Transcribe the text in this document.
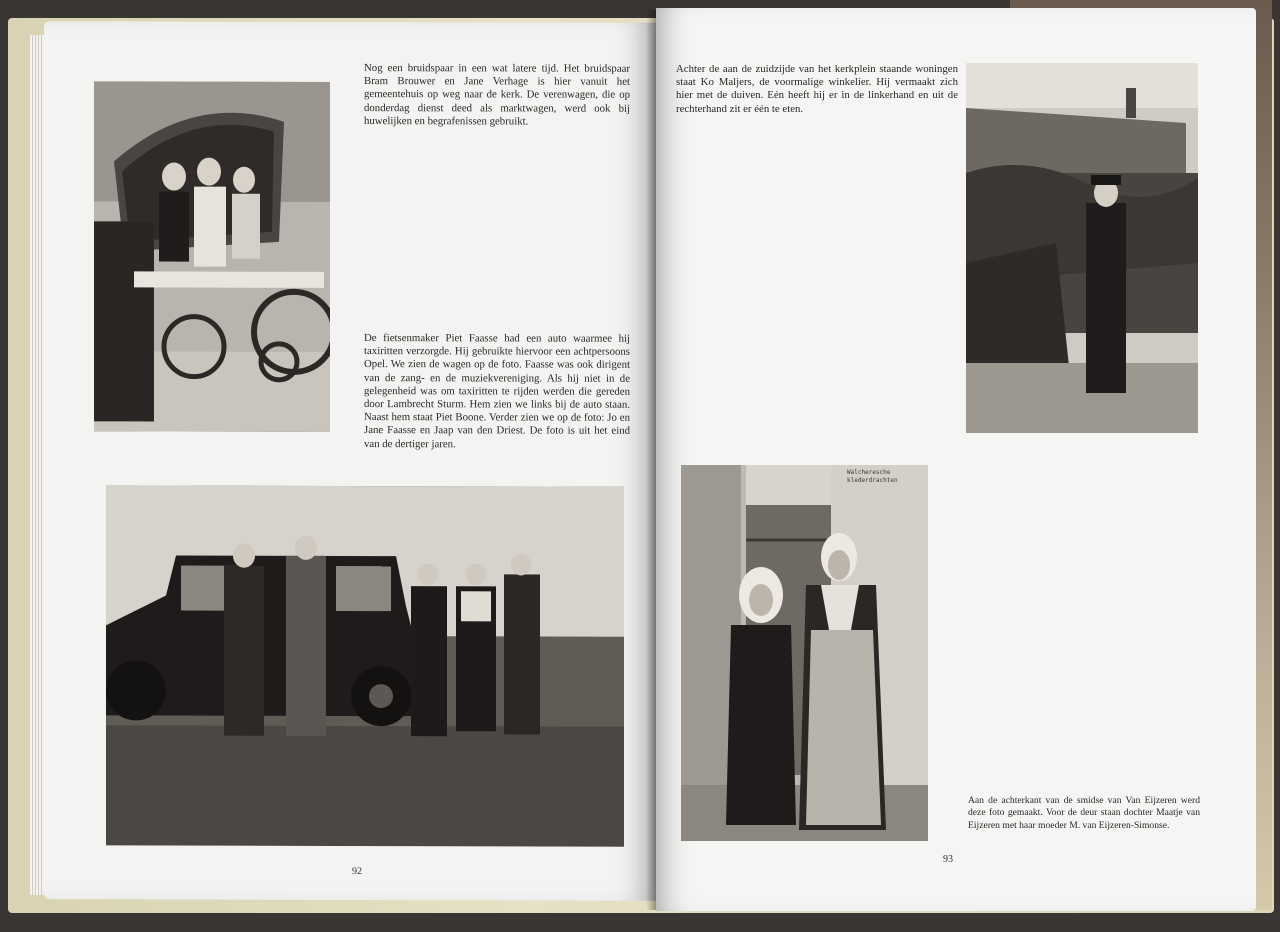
Nog een bruidspaar in een wat latere tijd. Het bruidspaar Bram Brouwer en Jane Verhage is hier vanuit het gemeentehuis op weg naar de kerk. De verenwagen, die op donderdag dienst deed als marktwagen, werd ook bij huwelijken en begrafenissen gebruikt.
De fietsenmaker Piet Faasse had een auto waarmee hij taxiritten verzorgde. Hij gebruikte hiervoor een achtpersoons Opel. We zien de wagen op de foto. Faasse was ook dirigent van de zang- en de muziekvereniging. Als hij niet in de gelegenheid was om taxiritten te rijden werden die gereden door Lambrecht Sturm. Hem zien we links bij de auto staan. Naast hem staat Piet Boone. Verder zien we op de foto: Jo en Jane Faasse en Jaap van den Driest. De foto is uit het eind van de dertiger jaren.
92
Achter de aan de zuidzijde van het kerkplein staande woningen staat Ko Maljers, de voormalige winkelier. Hij vermaakt zich hier met de duiven. Eén heeft hij er in de linkerhand en uit de rechterhand zit er één te eten.
Walcheresche klederdrachten
Aan de achterkant van de smidse van Van Eijzeren werd deze foto gemaakt. Voor de deur staan dochter Maatje van Eijzeren met haar moeder M. van Eijzeren-Simonse.
93
